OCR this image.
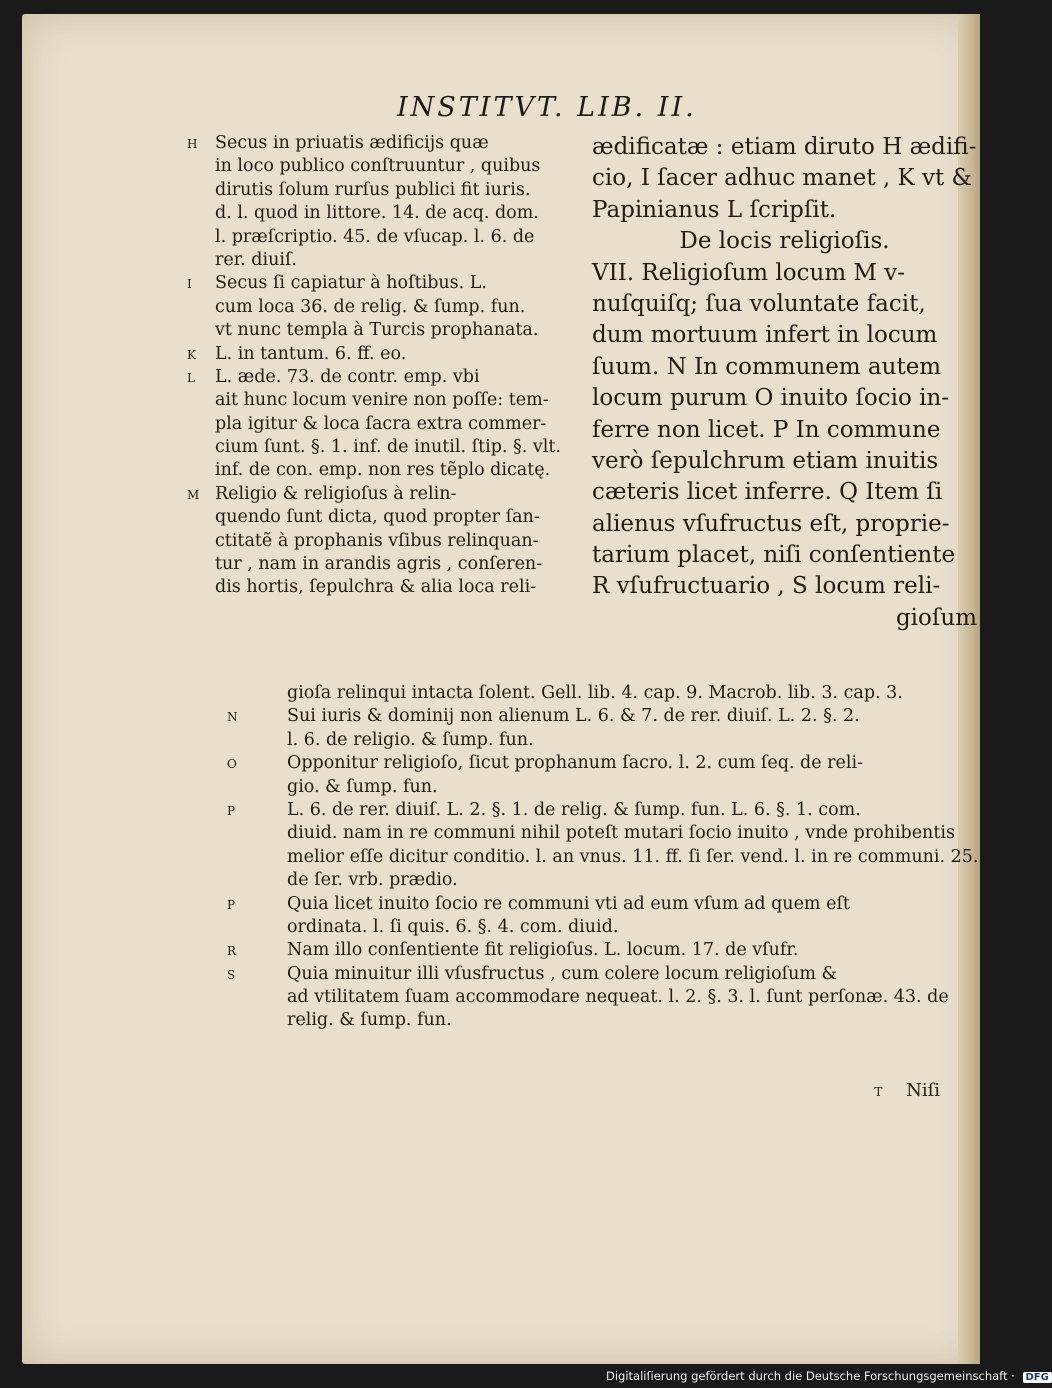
INSTITVT. LIB. II.
H Secus in priuatis ædificijs quæ
in loco publico conſtruuntur , quibus
dirutis ſolum rurſus publici fit iuris.
d. l. quod in littore. 14. de acq. dom.
l. præſcriptio. 45. de vſucap. l. 6. de
rer. diuiſ.
I Secus ſi capiatur à hoſtibus. L.
cum loca 36. de relig. & ſump. fun.
vt nunc templa à Turcis prophanata.
K L. in tantum. 6. ff. eo.
L L. æde. 73. de contr. emp. vbi
ait hunc locum venire non poſſe: tem-
pla igitur & loca ſacra extra commer-
cium ſunt. §. 1. inf. de inutil. ſtip. §. vlt.
inf. de con. emp. non res tẽplo dicatę.
M Religio & religioſus à relin-
quendo ſunt dicta, quod propter ſan-
ctitatẽ à prophanis vſibus relinquan-
tur , nam in arandis agris , conſeren-
dis hortis, ſepulchra & alia loca reli-
ædificatæ : etiam diruto H ædifi-
cio, I ſacer adhuc manet , K vt &
Papinianus L ſcripſit.
De locis religioſis.
VII. Religioſum locum M v-
nuſquiſq; ſua voluntate facit,
dum mortuum infert in locum
ſuum. N In communem autem
locum purum O inuito ſocio in-
ferre non licet. P In commune
verò ſepulchrum etiam inuitis
cæteris licet inferre. Q Item ſi
alienus vſufructus eſt, proprie-
tarium placet, niſi conſentiente
R vſufructuario , S locum reli-
gioſum
gioſa relinqui intacta ſolent. Gell. lib. 4. cap. 9. Macrob. lib. 3. cap. 3.
N	Sui iuris & dominij non alienum L. 6. & 7. de rer. diuiſ. L. 2. §. 2.
l. 6. de religio. & ſump. fun.
O	Opponitur religioſo, ſicut prophanum ſacro. l. 2. cum ſeq. de reli-
gio. & ſump. fun.
P	L. 6. de rer. diuiſ. L. 2. §. 1. de relig. & ſump. fun. L. 6. §. 1. com.
diuid. nam in re communi nihil poteſt mutari ſocio inuito , vnde prohibentis
melior eſſe dicitur conditio. l. an vnus. 11. ff. ſi ſer. vend. l. in re communi. 25.
de ſer. vrb. prædio.
P	Quia licet inuito ſocio re communi vti ad eum vſum ad quem eſt
ordinata. l. ſi quis. 6. §. 4. com. diuid.
R	Nam illo conſentiente fit religioſus. L. locum. 17. de vſufr.
S	Quia minuitur illi vſusfructus , cum colere locum religioſum &
ad vtilitatem ſuam accommodare nequeat. l. 2. §. 3. l. ſunt perſonæ. 43. de
relig. & ſump. fun.
T Niſi
Digitaliſierung gefördert durch die Deutsche Forschungsgemeinschaft · DFG
